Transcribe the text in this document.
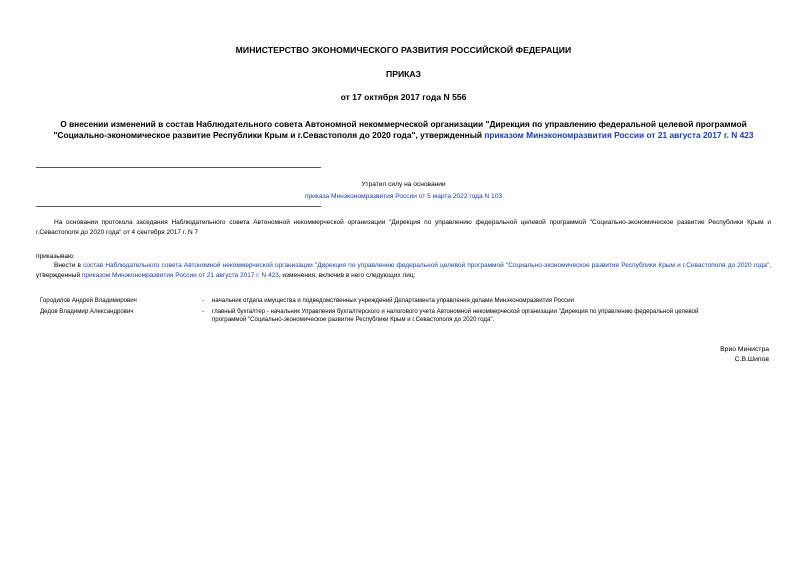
МИНИСТЕРСТВО ЭКОНОМИЧЕСКОГО РАЗВИТИЯ РОССИЙСКОЙ ФЕДЕРАЦИИ
ПРИКАЗ
от 17 октября 2017 года N 556
О внесении изменений в состав Наблюдательного совета Автономной некоммерческой организации "Дирекция по управлению федеральной целевой программой "Социально-экономическое развитие Республики Крым и г.Севастополя до 2020 года", утвержденный приказом Минэкономразвития России от 21 августа 2017 г. N 423
Утратил силу на основании
приказа Минэкономразвития России от 5 марта 2022 года N 103
На основании протокола заседания Наблюдательного совета Автономной некоммерческой организации "Дирекция по управлению федеральной целевой программой "Социально-экономическое развитие Республики Крым и г.Севастополя до 2020 года" от 4 сентября 2017 г. N 7
приказываю:
Внести в состав Наблюдательного совета Автономной некоммерческой организации "Дирекция по управлению федеральной целевой программой "Социально-экономическое развитие Республики Крым и г.Севастополя до 2020 года", утвержденный приказом Минэкономразвития России от 21 августа 2017 г. N 423, изменения, включив в него следующих лиц:
Городилов Андрей Владимирович	- начальник отдела имущества и подведомственных учреждений Департамента управления делами Минэкономразвития России
Дедов Владимир Александрович	- главный бухгалтер - начальник Управления бухгалтерского и налогового учета Автономной некоммерческой организации "Дирекция по управлению федеральной целевой программой "Социально-экономическое развитие Республики Крым и г.Севастополя до 2020 года".
Врио Министра
С.В.Шипов
